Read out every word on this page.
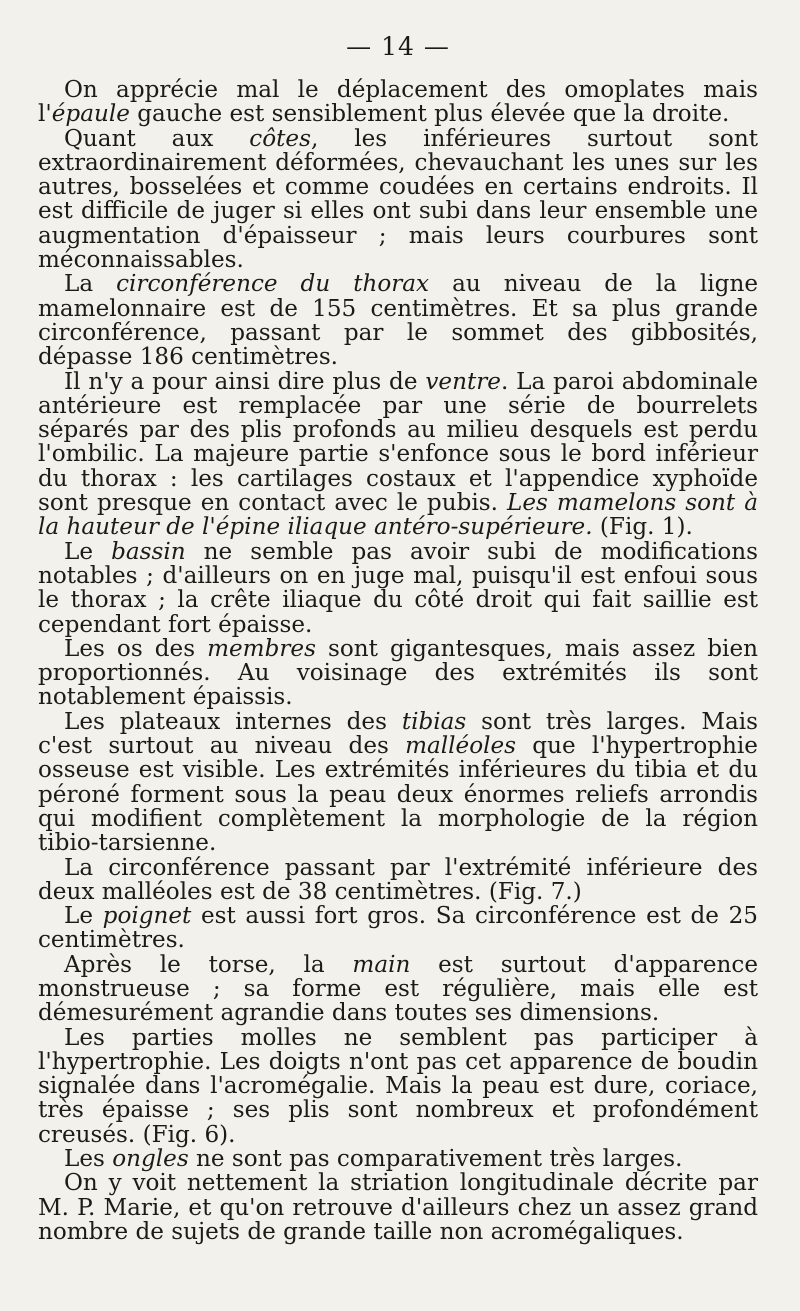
— 14 —

On apprécie mal le déplacement des omoplates mais l'épaule gauche est sensiblement plus élevée que la droite.

Quant aux côtes, les inférieures surtout sont extraordinairement déformées, chevauchant les unes sur les autres, bosselées et comme coudées en certains endroits. Il est difficile de juger si elles ont subi dans leur ensemble une augmentation d'épaisseur ; mais leurs courbures sont méconnaissables.

La circonférence du thorax au niveau de la ligne mamelonnaire est de 155 centimètres. Et sa plus grande circonférence, passant par le sommet des gibbosités, dépasse 186 centimètres.

Il n'y a pour ainsi dire plus de ventre. La paroi abdominale antérieure est remplacée par une série de bourrelets séparés par des plis profonds au milieu desquels est perdu l'ombilic. La majeure partie s'enfonce sous le bord inférieur du thorax : les cartilages costaux et l'appendice xyphoïde sont presque en contact avec le pubis. Les mamelons sont à la hauteur de l'épine iliaque antéro-supérieure. (Fig. 1).

Le bassin ne semble pas avoir subi de modifications notables ; d'ailleurs on en juge mal, puisqu'il est enfoui sous le thorax ; la crête iliaque du côté droit qui fait saillie est cependant fort épaisse.

Les os des membres sont gigantesques, mais assez bien proportionnés. Au voisinage des extrémités ils sont notablement épaissis.

Les plateaux internes des tibias sont très larges. Mais c'est surtout au niveau des malléoles que l'hypertrophie osseuse est visible. Les extrémités inférieures du tibia et du péroné forment sous la peau deux énormes reliefs arrondis qui modifient complètement la morphologie de la région tibio-tarsienne.

La circonférence passant par l'extrémité inférieure des deux malléoles est de 38 centimètres. (Fig. 7.)

Le poignet est aussi fort gros. Sa circonférence est de 25 centimètres.

Après le torse, la main est surtout d'apparence monstrueuse ; sa forme est régulière, mais elle est démesurément agrandie dans toutes ses dimensions.

Les parties molles ne semblent pas participer à l'hypertrophie. Les doigts n'ont pas cet apparence de boudin signalée dans l'acromégalie. Mais la peau est dure, coriace, très épaisse ; ses plis sont nombreux et profondément creusés. (Fig. 6).

Les ongles ne sont pas comparativement très larges.

On y voit nettement la striation longitudinale décrite par M. P. Marie, et qu'on retrouve d'ailleurs chez un assez grand nombre de sujets de grande taille non acromégaliques.
